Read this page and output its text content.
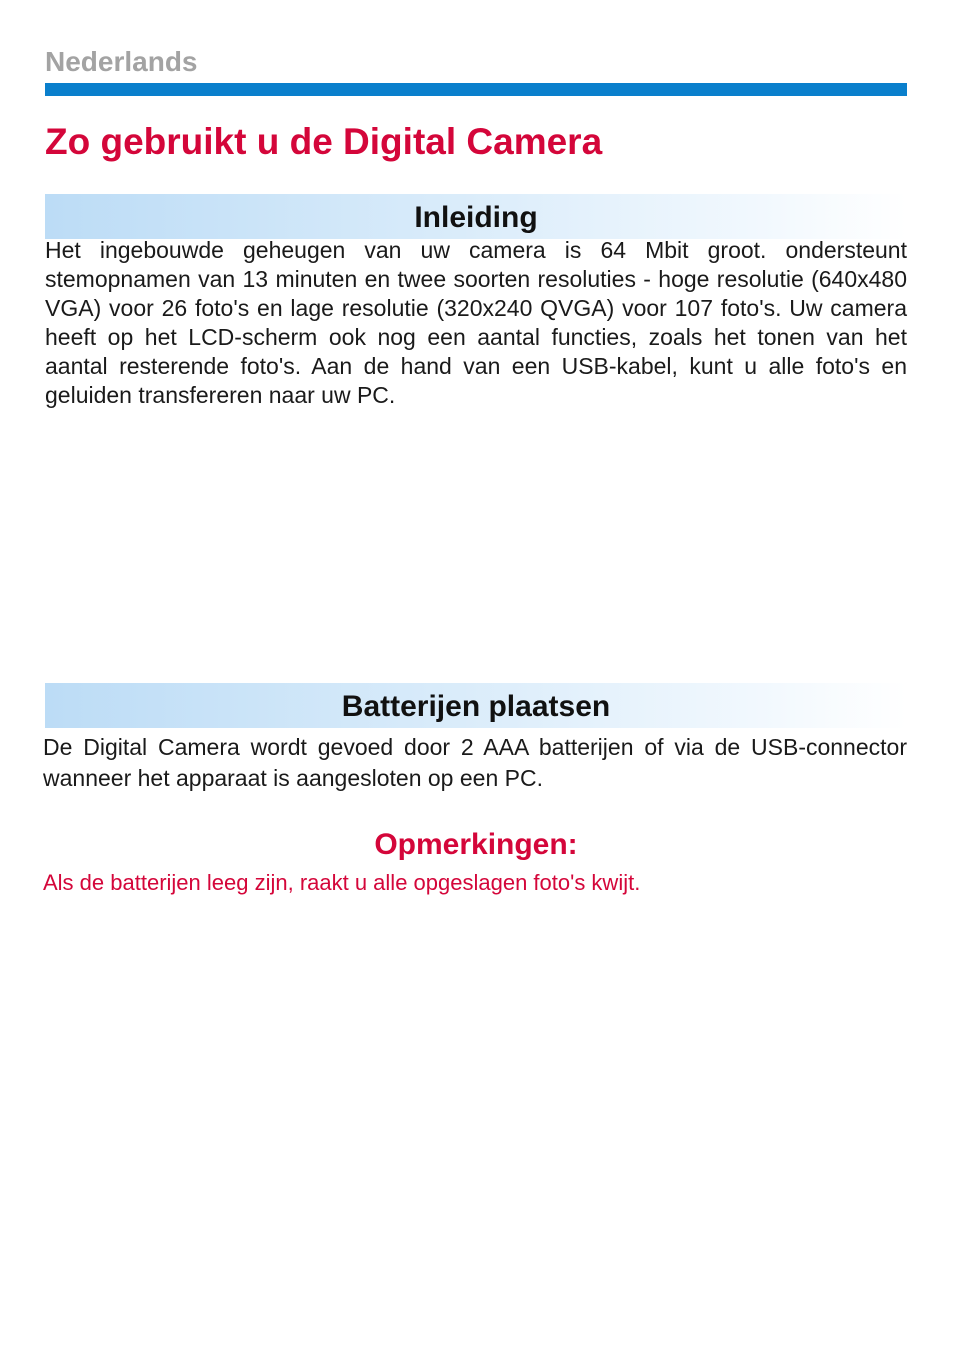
Nederlands
Zo gebruikt u de Digital Camera
Inleiding

Het ingebouwde geheugen van uw camera is 64 Mbit groot. ondersteunt stemopnamen van 13 minuten en twee soorten resoluties - hoge resolutie (640x480 VGA) voor 26 foto's en lage resolutie (320x240 QVGA) voor 107 foto's. Uw camera heeft op het LCD-scherm ook nog een aantal functies, zoals het tonen van het aantal resterende foto's. Aan de hand van een USB-kabel, kunt u alle foto's en geluiden transfereren naar uw PC.

Batterijen plaatsen

De Digital Camera wordt gevoed door 2 AAA batterijen of via de USB-connector wanneer het apparaat is aangesloten op een PC.

Opmerkingen:

Als de batterijen leeg zijn, raakt u alle opgeslagen foto's kwijt.
